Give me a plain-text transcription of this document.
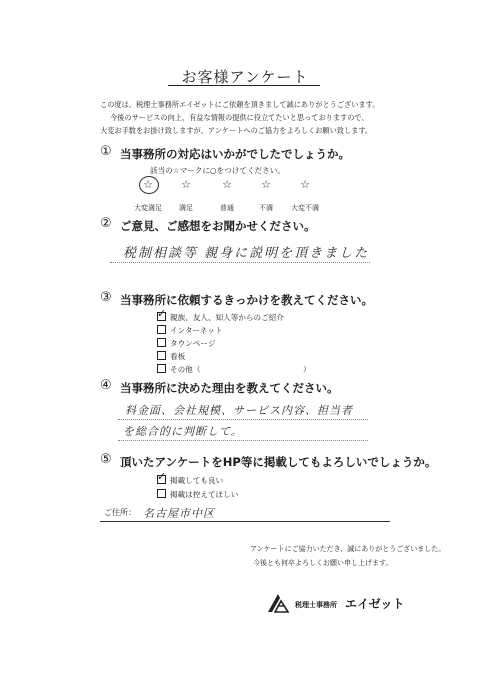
お客様アンケート
この度は、税理士事務所エイゼットにご依頼を頂きまして誠にありがとうございます。
今後のサービスの向上、有益な情報の提供に役立てたいと思っておりますので、
大変お手数をお掛け致しますが、アンケートへのご協力をよろしくお願い致します。
① 当事務所の対応はいかがでしたでしょうか。
該当の☆マークに○をつけてください。
☆	☆	☆	☆	☆
大変満足	満足	普通	不満	大変不満
② ご意見、ご感想をお聞かせください。
税制相談等 親身に説明を頂きました
③ 当事務所に依頼するきっかけを教えてください。
✓ 親族、友人、知人等からのご紹介
インターネット
タウンページ
看板
その他（	）
④ 当事務所に決めた理由を教えてください。
料金面、会社規模、サービス内容、担当者
を総合的に判断して。
⑤ 頂いたアンケートをHP等に掲載してもよろしいでしょうか。
✓ 掲載しても良い
掲載は控えてほしい
ご住所： 名古屋市中区
アンケートにご協力いただき、誠にありがとうございました。
今後とも何卒よろしくお願い申し上げます。
税理士事務所 エイゼット
